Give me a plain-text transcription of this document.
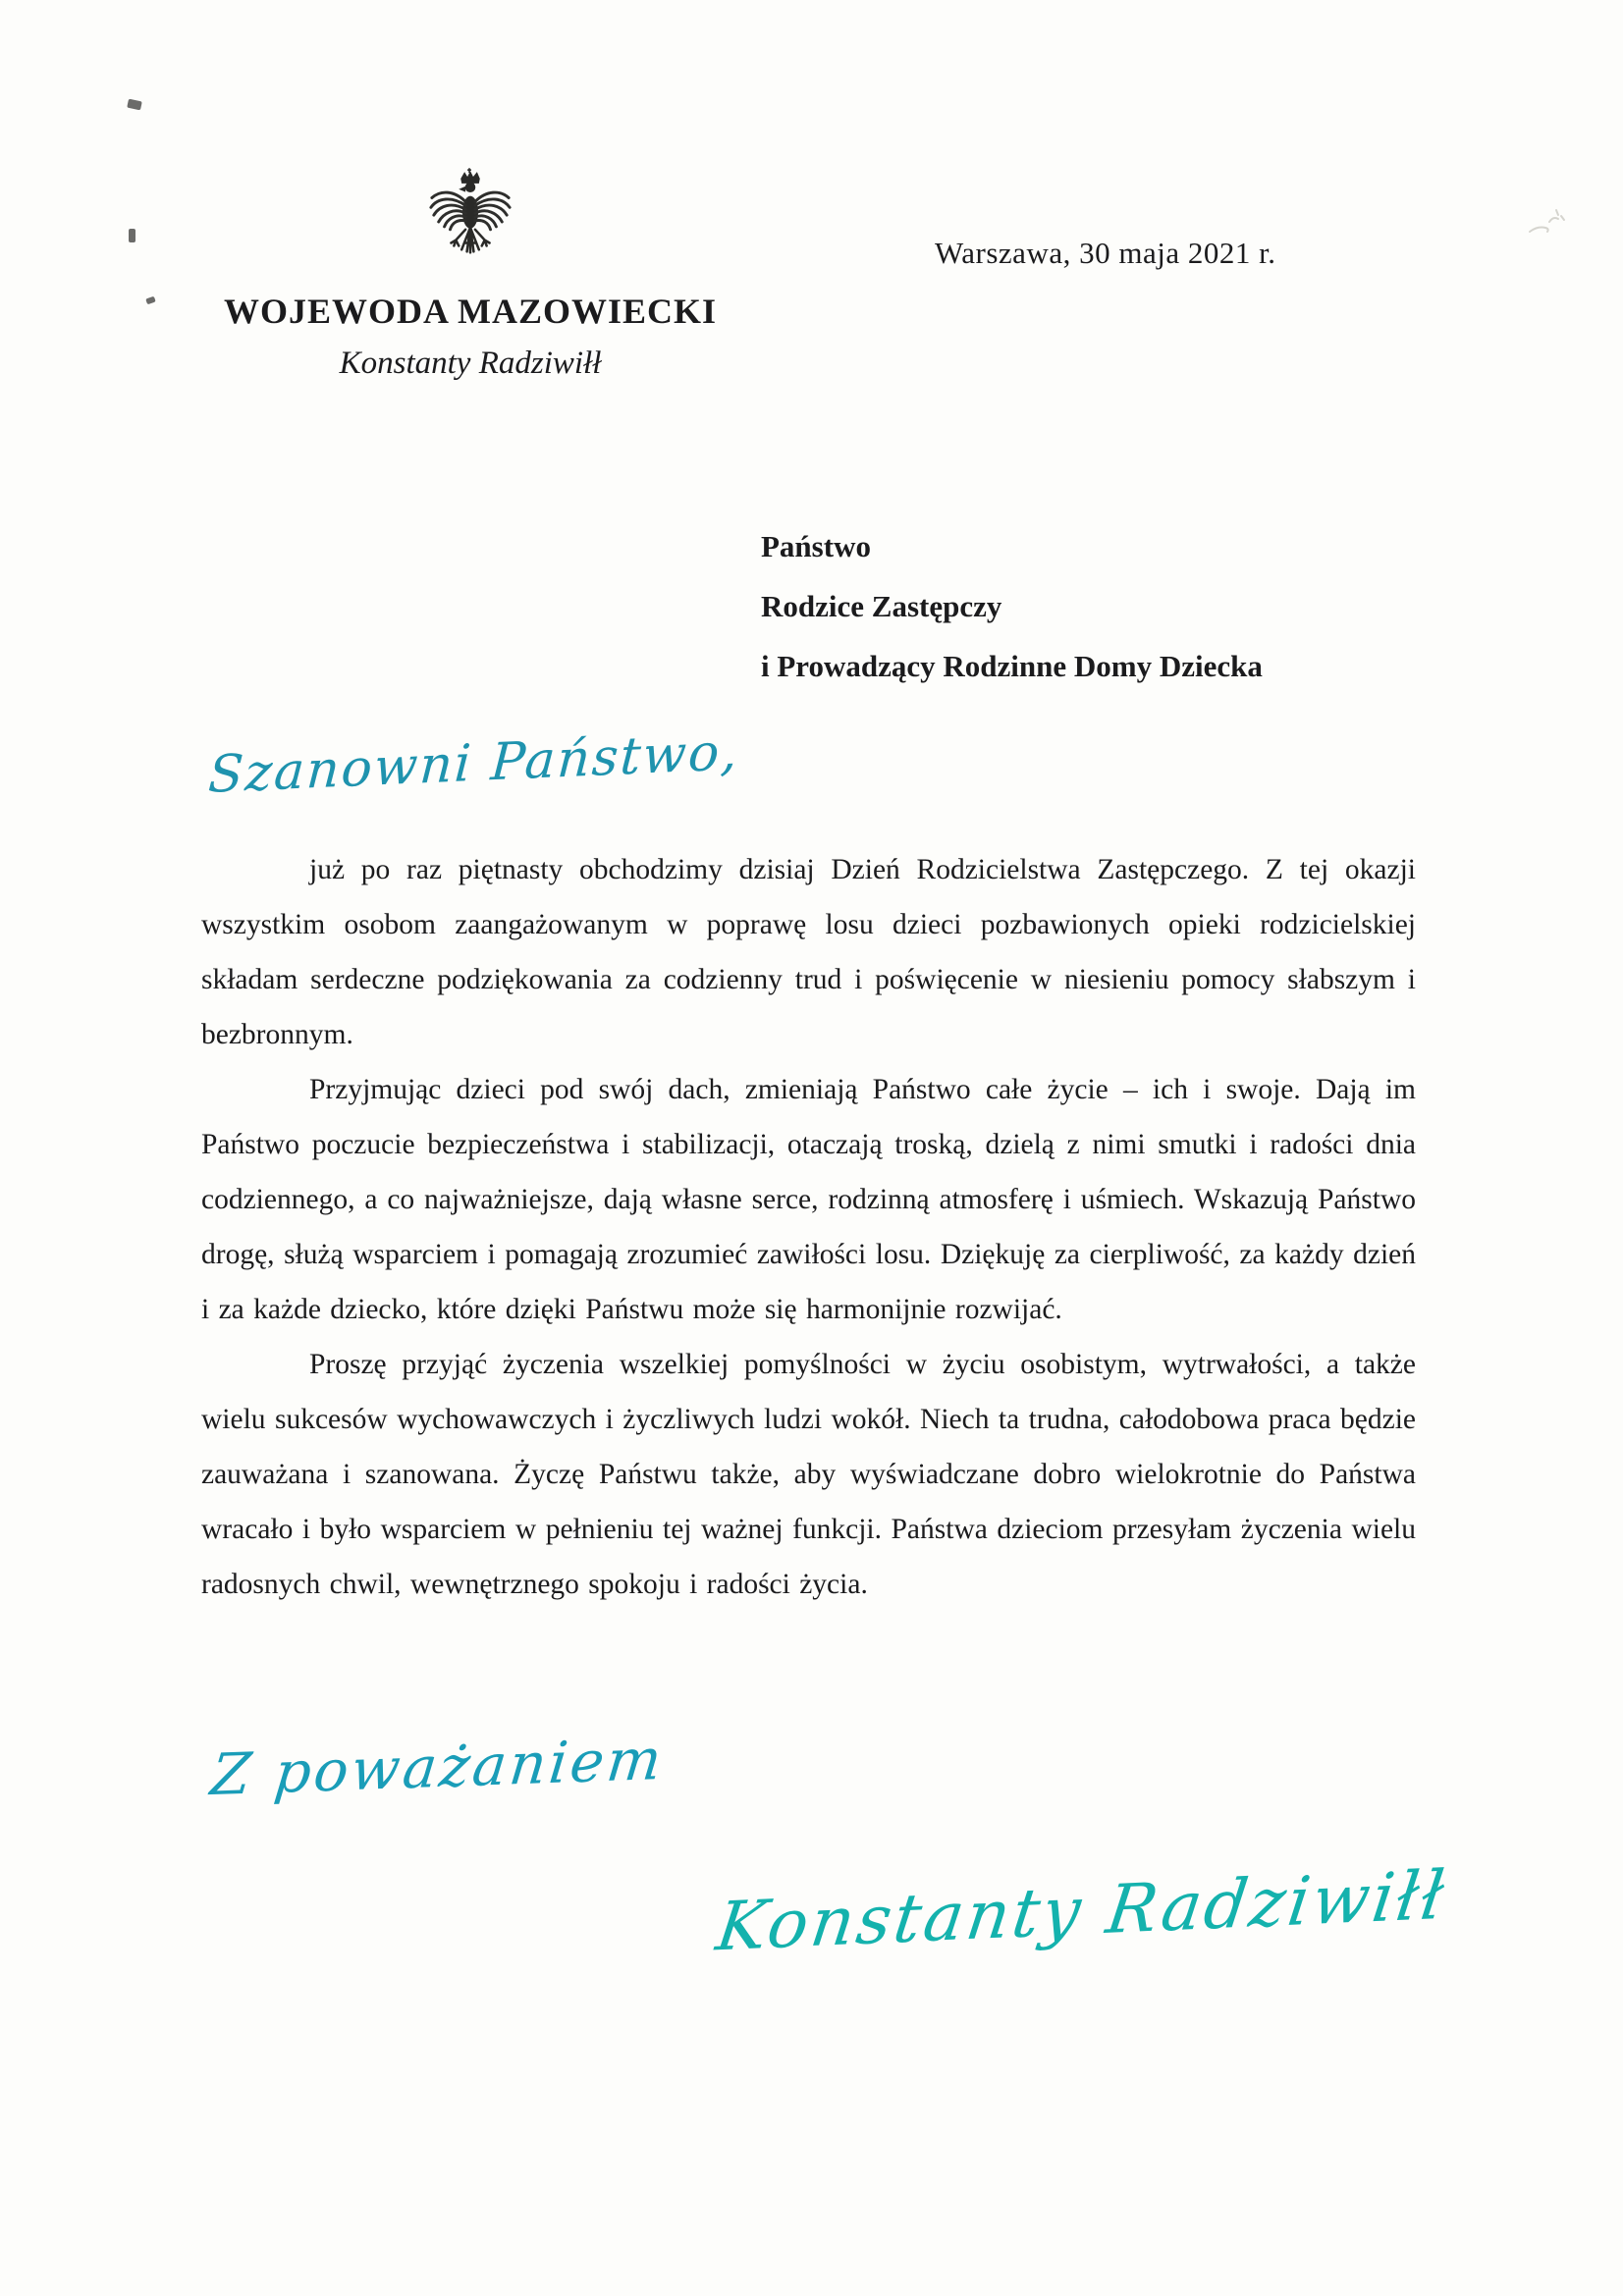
Warszawa, 30 maja 2021 r.
WOJEWODA MAZOWIECKI
Konstanty Radziwiłł
Państwo
Rodzice Zastępczy
i Prowadzący Rodzinne Domy Dziecka
Szanowni Państwo,

już po raz piętnasty obchodzimy dzisiaj Dzień Rodzicielstwa Zastępczego. Z tej okazji wszystkim osobom zaangażowanym w poprawę losu dzieci pozbawionych opieki rodzicielskiej składam serdeczne podziękowania za codzienny trud i poświęcenie w niesieniu pomocy słabszym i bezbronnym.

Przyjmując dzieci pod swój dach, zmieniają Państwo całe życie – ich i swoje. Dają im Państwo poczucie bezpieczeństwa i stabilizacji, otaczają troską, dzielą z nimi smutki i radości dnia codziennego, a co najważniejsze, dają własne serce, rodzinną atmosferę i uśmiech. Wskazują Państwo drogę, służą wsparciem i pomagają zrozumieć zawiłości losu. Dziękuję za cierpliwość, za każdy dzień i za każde dziecko, które dzięki Państwu może się harmonijnie rozwijać.

Proszę przyjąć życzenia wszelkiej pomyślności w życiu osobistym, wytrwałości, a także wielu sukcesów wychowawczych i życzliwych ludzi wokół. Niech ta trudna, całodobowa praca będzie zauważana i szanowana. Życzę Państwu także, aby wyświadczane dobro wielokrotnie do Państwa wracało i było wsparciem w pełnieniu tej ważnej funkcji. Państwa dzieciom przesyłam życzenia wielu radosnych chwil, wewnętrznego spokoju i radości życia.

Z poważaniem
Konstanty Radziwiłł
